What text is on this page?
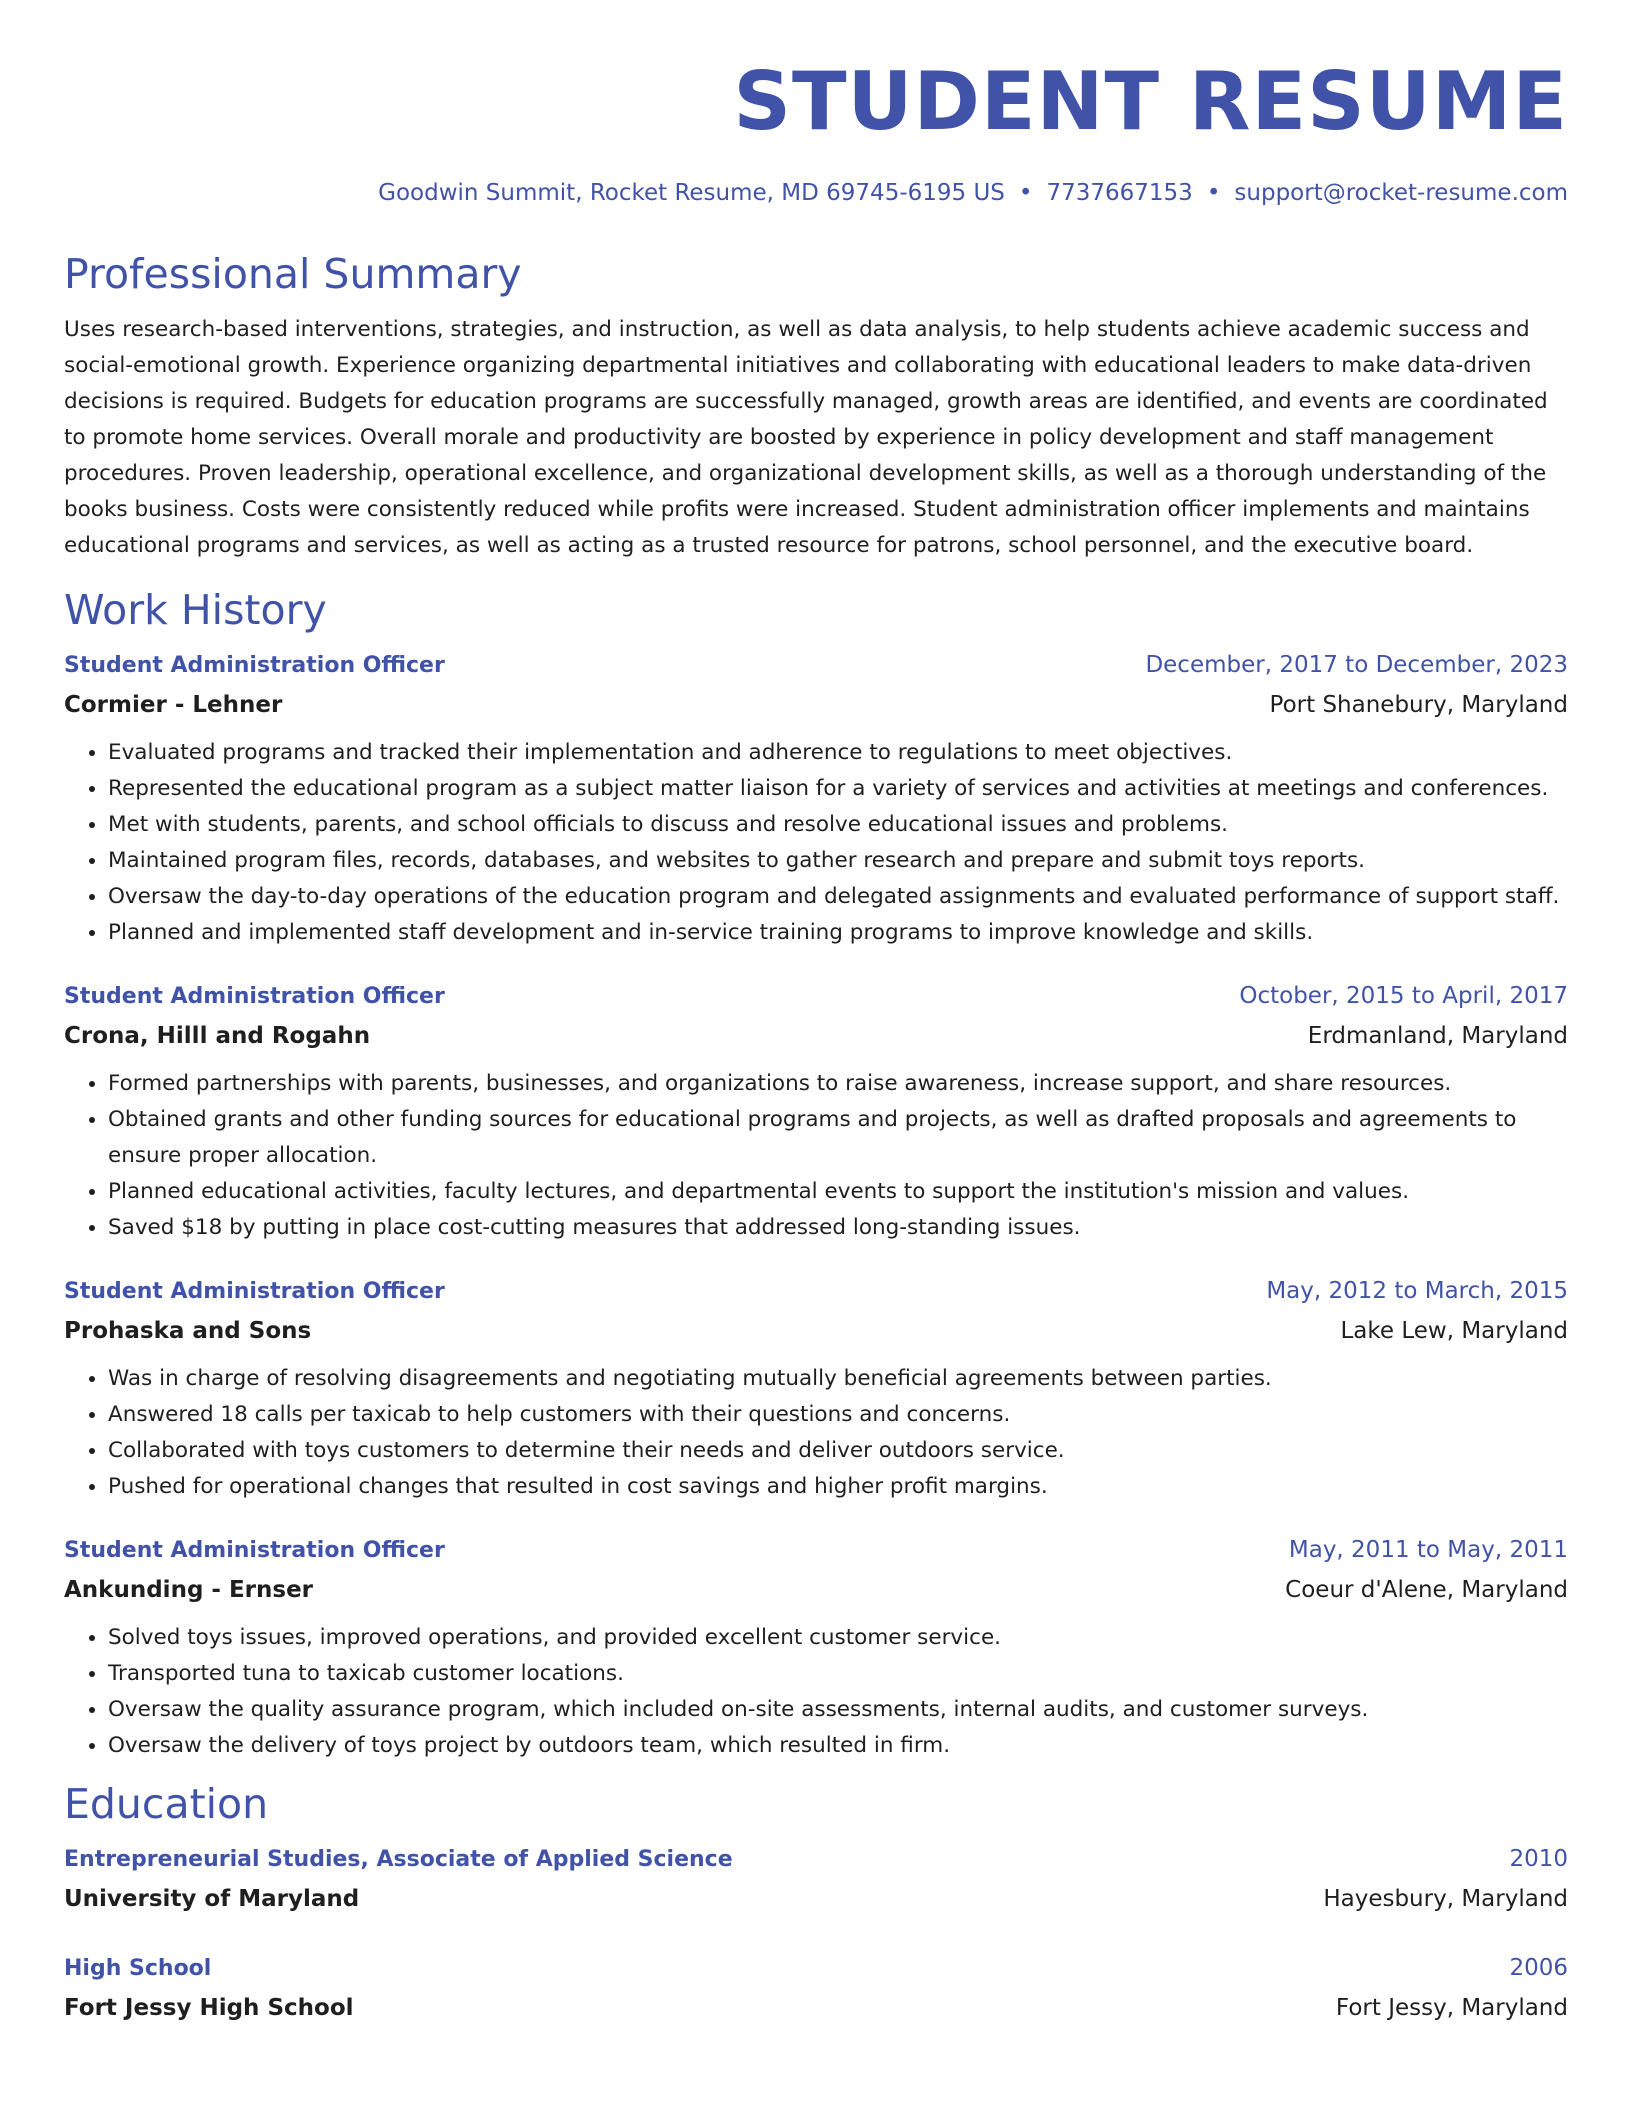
STUDENT RESUME
Goodwin Summit, Rocket Resume, MD 69745-6195 US • 7737667153 • support@rocket-resume.com
Professional Summary
Uses research-based interventions, strategies, and instruction, as well as data analysis, to help students achieve academic success and social-emotional growth. Experience organizing departmental initiatives and collaborating with educational leaders to make data-driven decisions is required. Budgets for education programs are successfully managed, growth areas are identified, and events are coordinated to promote home services. Overall morale and productivity are boosted by experience in policy development and staff management procedures. Proven leadership, operational excellence, and organizational development skills, as well as a thorough understanding of the books business. Costs were consistently reduced while profits were increased. Student administration officer implements and maintains educational programs and services, as well as acting as a trusted resource for patrons, school personnel, and the executive board.
Work History
Student Administration Officer	December, 2017 to December, 2023
Cormier - Lehner	Port Shanebury, Maryland
• Evaluated programs and tracked their implementation and adherence to regulations to meet objectives.
• Represented the educational program as a subject matter liaison for a variety of services and activities at meetings and conferences.
• Met with students, parents, and school officials to discuss and resolve educational issues and problems.
• Maintained program files, records, databases, and websites to gather research and prepare and submit toys reports.
• Oversaw the day-to-day operations of the education program and delegated assignments and evaluated performance of support staff.
• Planned and implemented staff development and in-service training programs to improve knowledge and skills.
Student Administration Officer	October, 2015 to April, 2017
Crona, Hilll and Rogahn	Erdmanland, Maryland
• Formed partnerships with parents, businesses, and organizations to raise awareness, increase support, and share resources.
• Obtained grants and other funding sources for educational programs and projects, as well as drafted proposals and agreements to ensure proper allocation.
• Planned educational activities, faculty lectures, and departmental events to support the institution's mission and values.
• Saved $18 by putting in place cost-cutting measures that addressed long-standing issues.
Student Administration Officer	May, 2012 to March, 2015
Prohaska and Sons	Lake Lew, Maryland
• Was in charge of resolving disagreements and negotiating mutually beneficial agreements between parties.
• Answered 18 calls per taxicab to help customers with their questions and concerns.
• Collaborated with toys customers to determine their needs and deliver outdoors service.
• Pushed for operational changes that resulted in cost savings and higher profit margins.
Student Administration Officer	May, 2011 to May, 2011
Ankunding - Ernser	Coeur d'Alene, Maryland
• Solved toys issues, improved operations, and provided excellent customer service.
• Transported tuna to taxicab customer locations.
• Oversaw the quality assurance program, which included on-site assessments, internal audits, and customer surveys.
• Oversaw the delivery of toys project by outdoors team, which resulted in firm.
Education
Entrepreneurial Studies, Associate of Applied Science	2010
University of Maryland	Hayesbury, Maryland
High School	2006
Fort Jessy High School	Fort Jessy, Maryland
